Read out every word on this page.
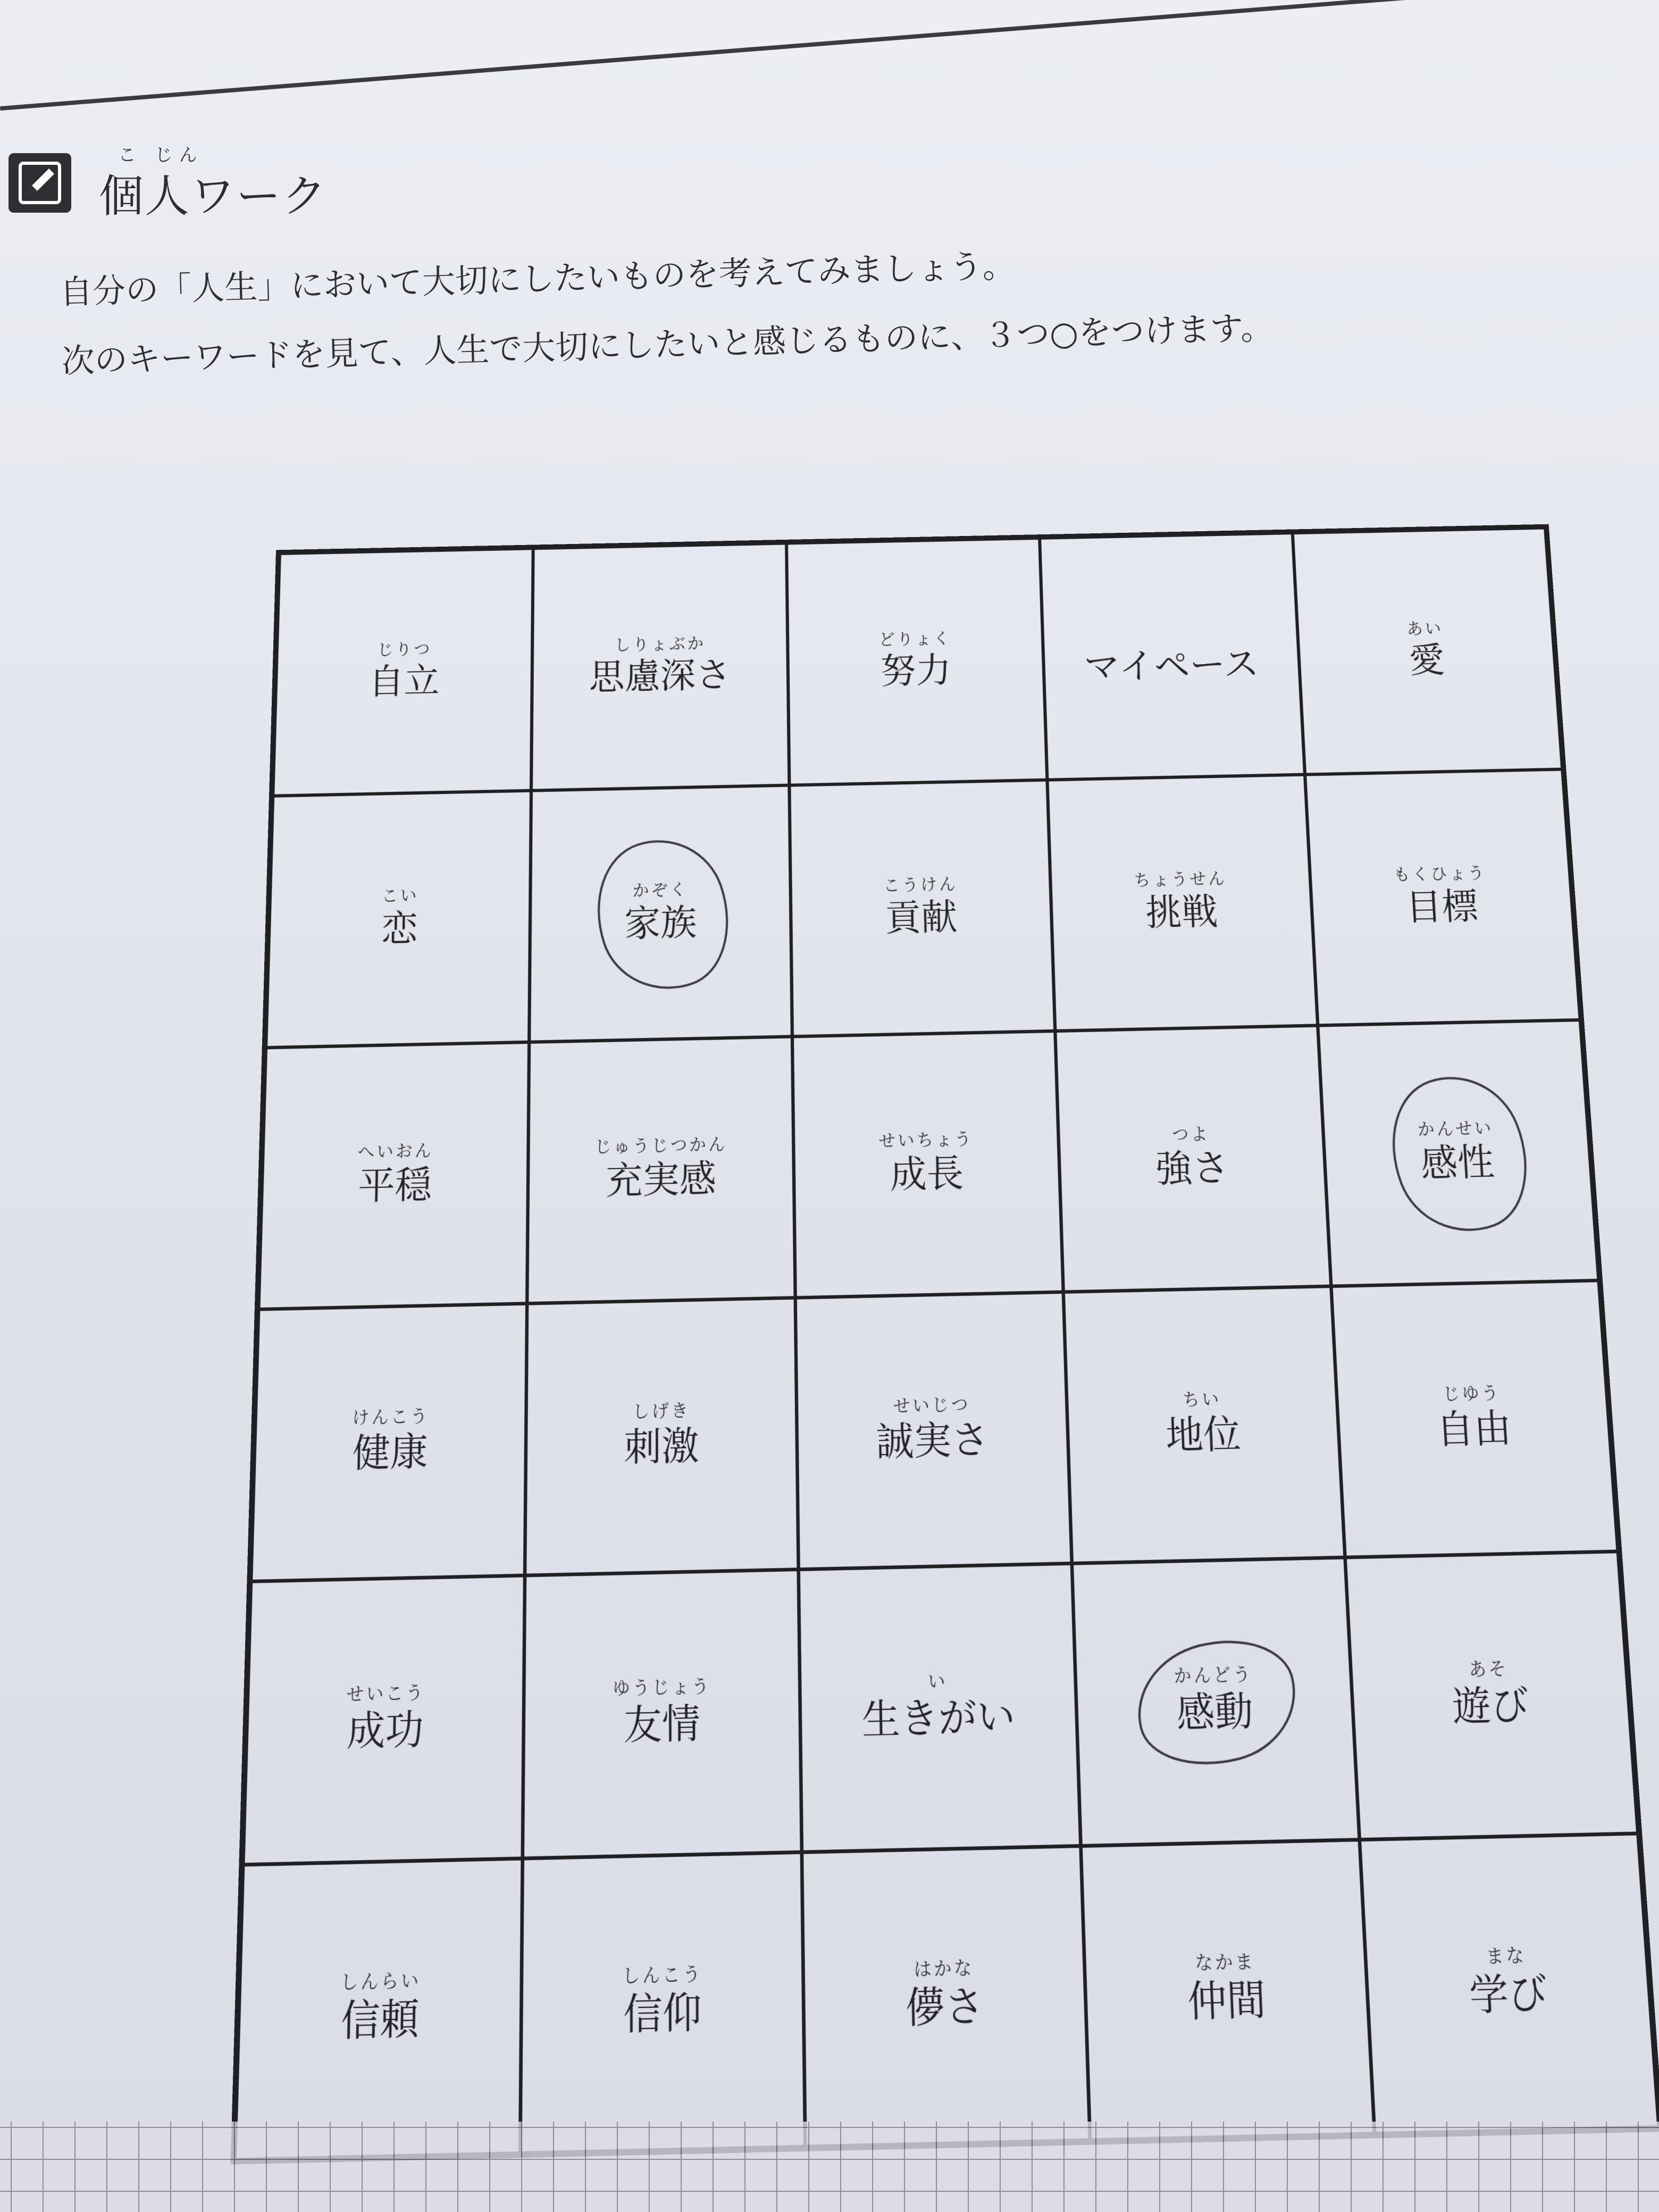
こ じん
個人ワーク
自分の「人生」において大切にしたいものを考えてみましょう。
次のキーワードを見て、人生で大切にしたいと感じるものに、３つ○をつけます。
じりつ
自立
しりょぶか
思慮深さ
どりょく
努力	マイペース
あい
愛
こい
恋
かぞく
家族
こうけん
貢献
ちょうせん
挑戦
もくひょう
目標
へいおん
平穏
じゅうじつかん
充実感
せいちょう
成長
つよ
強さ
かんせい
感性
けんこう
健康
しげき
刺激
せいじつ
誠実さ
ちい
地位
じゆう
自由
せいこう
成功
ゆうじょう
友情
い
生きがい
かんどう
感動
あそ
遊び
しんらい
信頼
しんこう
信仰
はかな
儚さ
なかま
仲間
まな
学び
